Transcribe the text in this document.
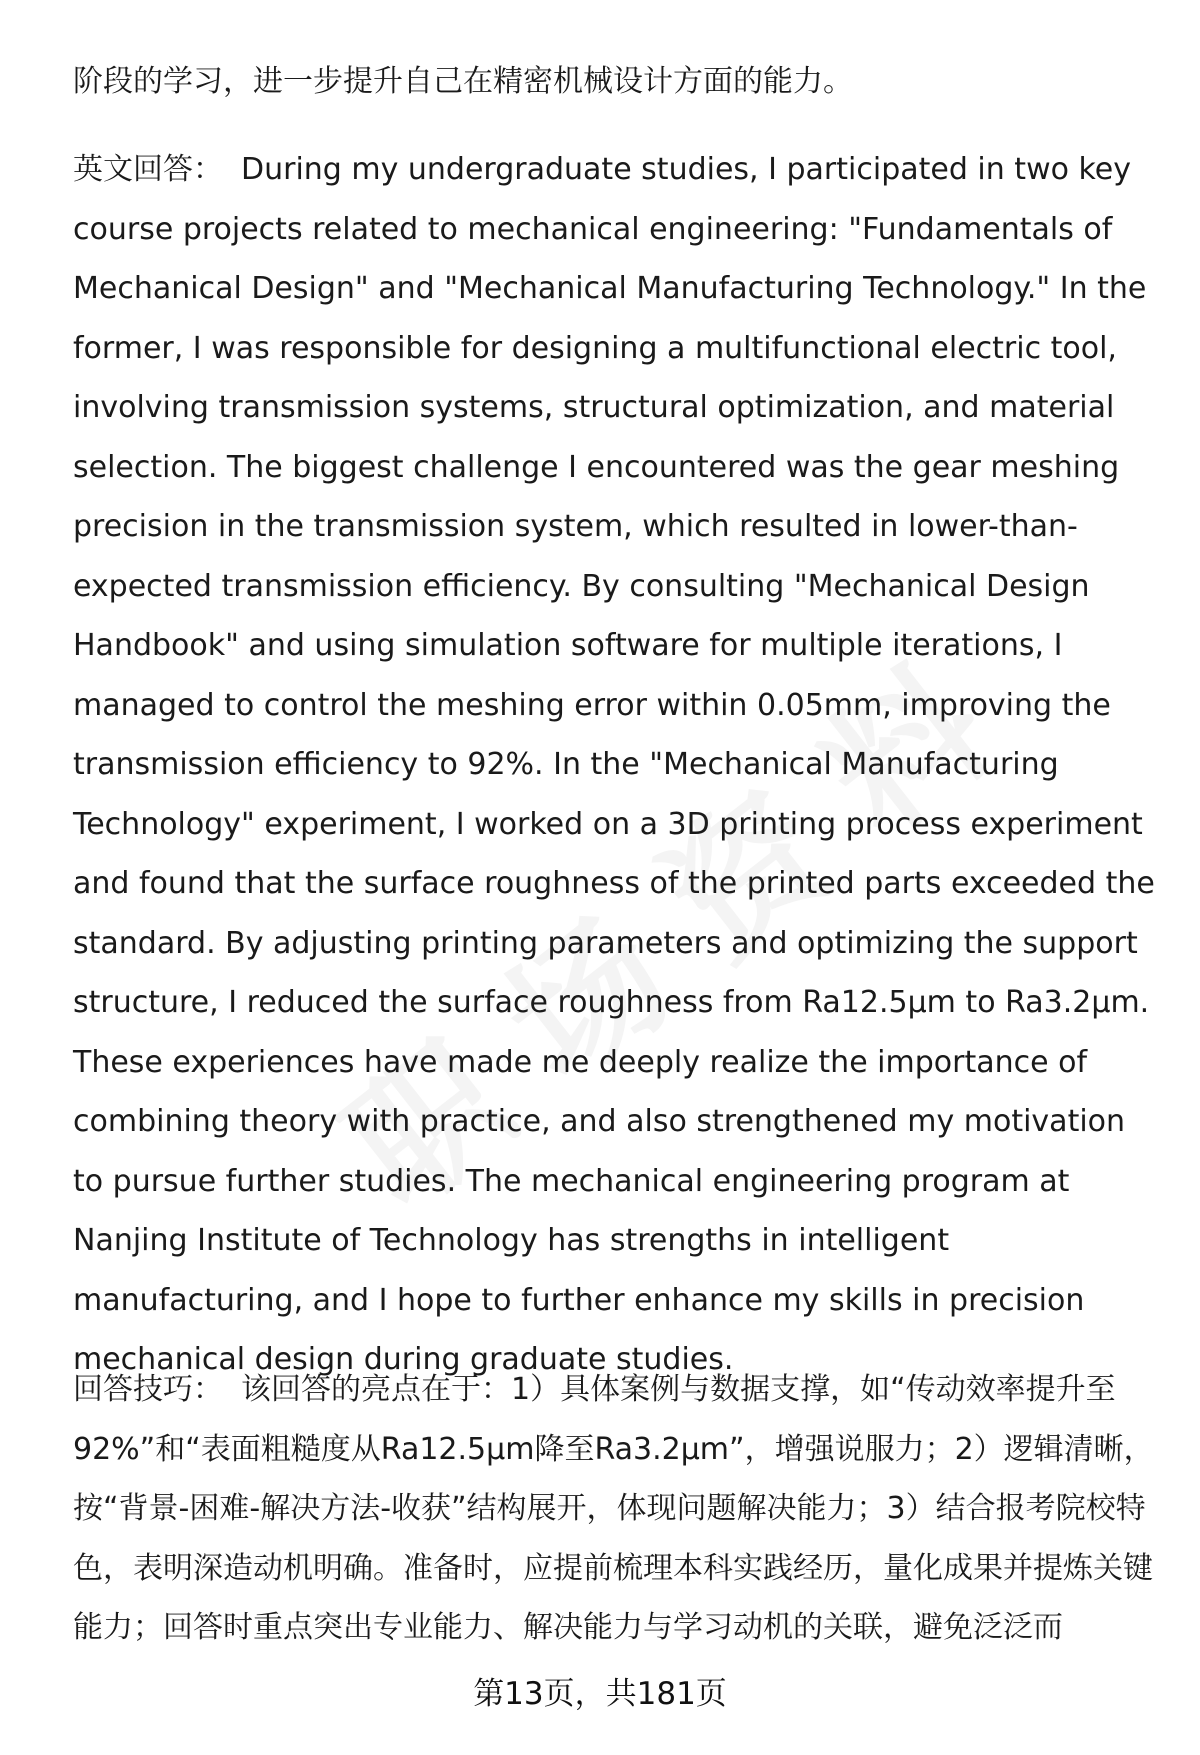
阶段的学习，进一步提升自己在精密机械设计方面的能力。

英文回答： During my undergraduate studies, I participated in two key course projects related to mechanical engineering: "Fundamentals of Mechanical Design" and "Mechanical Manufacturing Technology." In the former, I was responsible for designing a multifunctional electric tool, involving transmission systems, structural optimization, and material selection. The biggest challenge I encountered was the gear meshing precision in the transmission system, which resulted in lower-than-expected transmission efficiency. By consulting "Mechanical Design Handbook" and using simulation software for multiple iterations, I managed to control the meshing error within 0.05mm, improving the transmission efficiency to 92%. In the "Mechanical Manufacturing Technology" experiment, I worked on a 3D printing process experiment and found that the surface roughness of the printed parts exceeded the standard. By adjusting printing parameters and optimizing the support structure, I reduced the surface roughness from Ra12.5μm to Ra3.2μm. These experiences have made me deeply realize the importance of combining theory with practice, and also strengthened my motivation to pursue further studies. The mechanical engineering program at Nanjing Institute of Technology has strengths in intelligent manufacturing, and I hope to further enhance my skills in precision mechanical design during graduate studies.

回答技巧： 该回答的亮点在于：1）具体案例与数据支撑，如“传动效率提升至92%”和“表面粗糙度从Ra12.5μm降至Ra3.2μm”，增强说服力；2）逻辑清晰，按“背景-困难-解决方法-收获”结构展开，体现问题解决能力；3）结合报考院校特色，表明深造动机明确。准备时，应提前梳理本科实践经历，量化成果并提炼关键能力；回答时重点突出专业能力、解决能力与学习动机的关联，避免泛泛而

第13页，共181页
